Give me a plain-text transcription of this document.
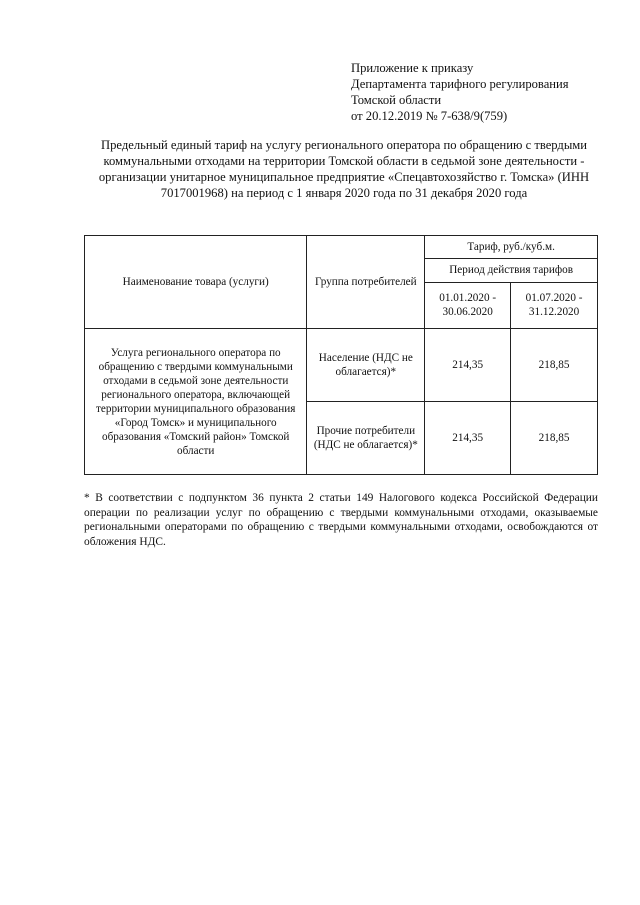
Приложение к приказу
Департамента тарифного регулирования
Томской области
от 20.12.2019 № 7-638/9(759)
Предельный единый тариф на услугу регионального оператора по обращению с твердыми коммунальными отходами на территории Томской области в седьмой зоне деятельности - организации унитарное муниципальное предприятие «Спецавтохозяйство г. Томска» (ИНН 7017001968) на период с 1 января 2020 года по 31 декабря 2020 года
Наименование товара (услуги)	Группа потребителей	Тариф, руб./куб.м.	
		Период действия тарифов	
		01.01.2020 - 30.06.2020	01.07.2020 - 31.12.2020
Услуга регионального оператора по обращению с твердыми коммунальными отходами в седьмой зоне деятельности регионального оператора, включающей территории муниципального образования «Город Томск» и муниципального образования «Томский район» Томской области	Население (НДС не облагается)*	214,35	218,85
	Прочие потребители (НДС не облагается)*	214,35	218,85
* В соответствии с подпунктом 36 пункта 2 статьи 149 Налогового кодекса Российской Федерации операции по реализации услуг по обращению с твердыми коммунальными отходами, оказываемые региональными операторами по обращению с твердыми коммунальными отходами, освобождаются от обложения НДС.
